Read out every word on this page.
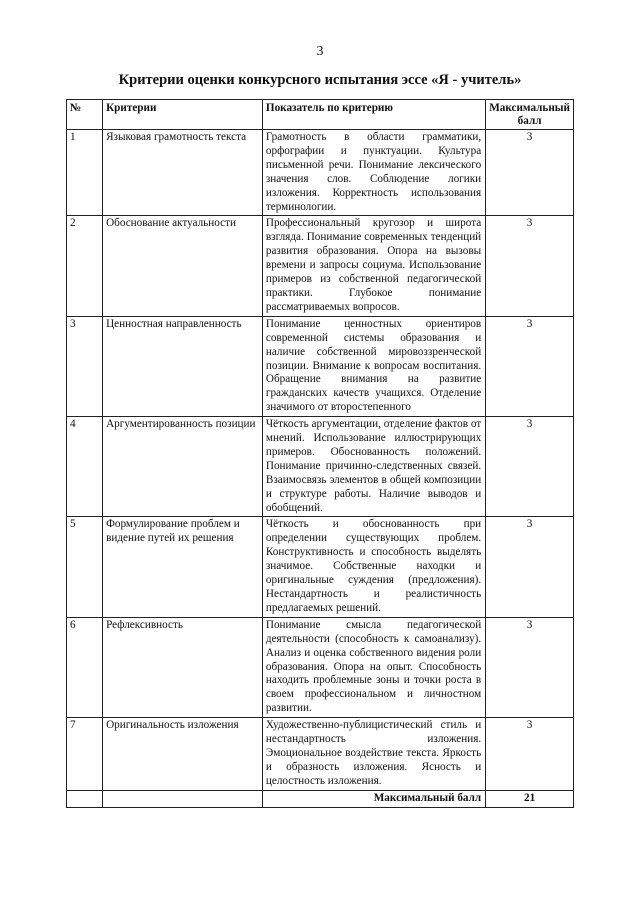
3
Критерии оценки конкурсного испытания эссе «Я - учитель»
№	Критерии	Показатель по критерию	Максимальный балл
1	Языковая грамотность текста	Грамотность в области грамматики, орфографии и пунктуации. Культура письменной речи. Понимание лексического значения слов. Соблюдение логики изложения. Корректность использования терминологии.	3
2	Обоснование актуальности	Профессиональный кругозор и широта взгляда. Понимание современных тенденций развития образования. Опора на вызовы времени и запросы социума. Использование примеров из собственной педагогической практики. Глубокое понимание рассматриваемых вопросов.	3
3	Ценностная направленность	Понимание ценностных ориентиров современной системы образования и наличие собственной мировоззренческой позиции. Внимание к вопросам воспитания. Обращение внимания на развитие гражданских качеств учащихся. Отделение значимого от второстепенного	3
4	Аргументированность позиции	Чёткость аргументации, отделение фактов от мнений. Использование иллюстрирующих примеров. Обоснованность положений. Понимание причинно-следственных связей. Взаимосвязь элементов в общей композиции и структуре работы. Наличие выводов и обобщений.	3
5	Формулирование проблем и видение путей их решения	Чёткость и обоснованность при определении существующих проблем. Конструктивность и способность выделять значимое. Собственные находки и оригинальные суждения (предложения). Нестандартность и реалистичность предлагаемых решений.	3
6	Рефлексивность	Понимание смысла педагогической деятельности (способность к самоанализу). Анализ и оценка собственного видения роли образования. Опора на опыт. Способность находить проблемные зоны и точки роста в своем профессиональном и личностном развитии.	3
7	Оригинальность изложения	Художественно-публицистический стиль и нестандартность изложения. Эмоциональное воздействие текста. Яркость и образность изложения. Ясность и целостность изложения.	3
		Максимальный балл	21
